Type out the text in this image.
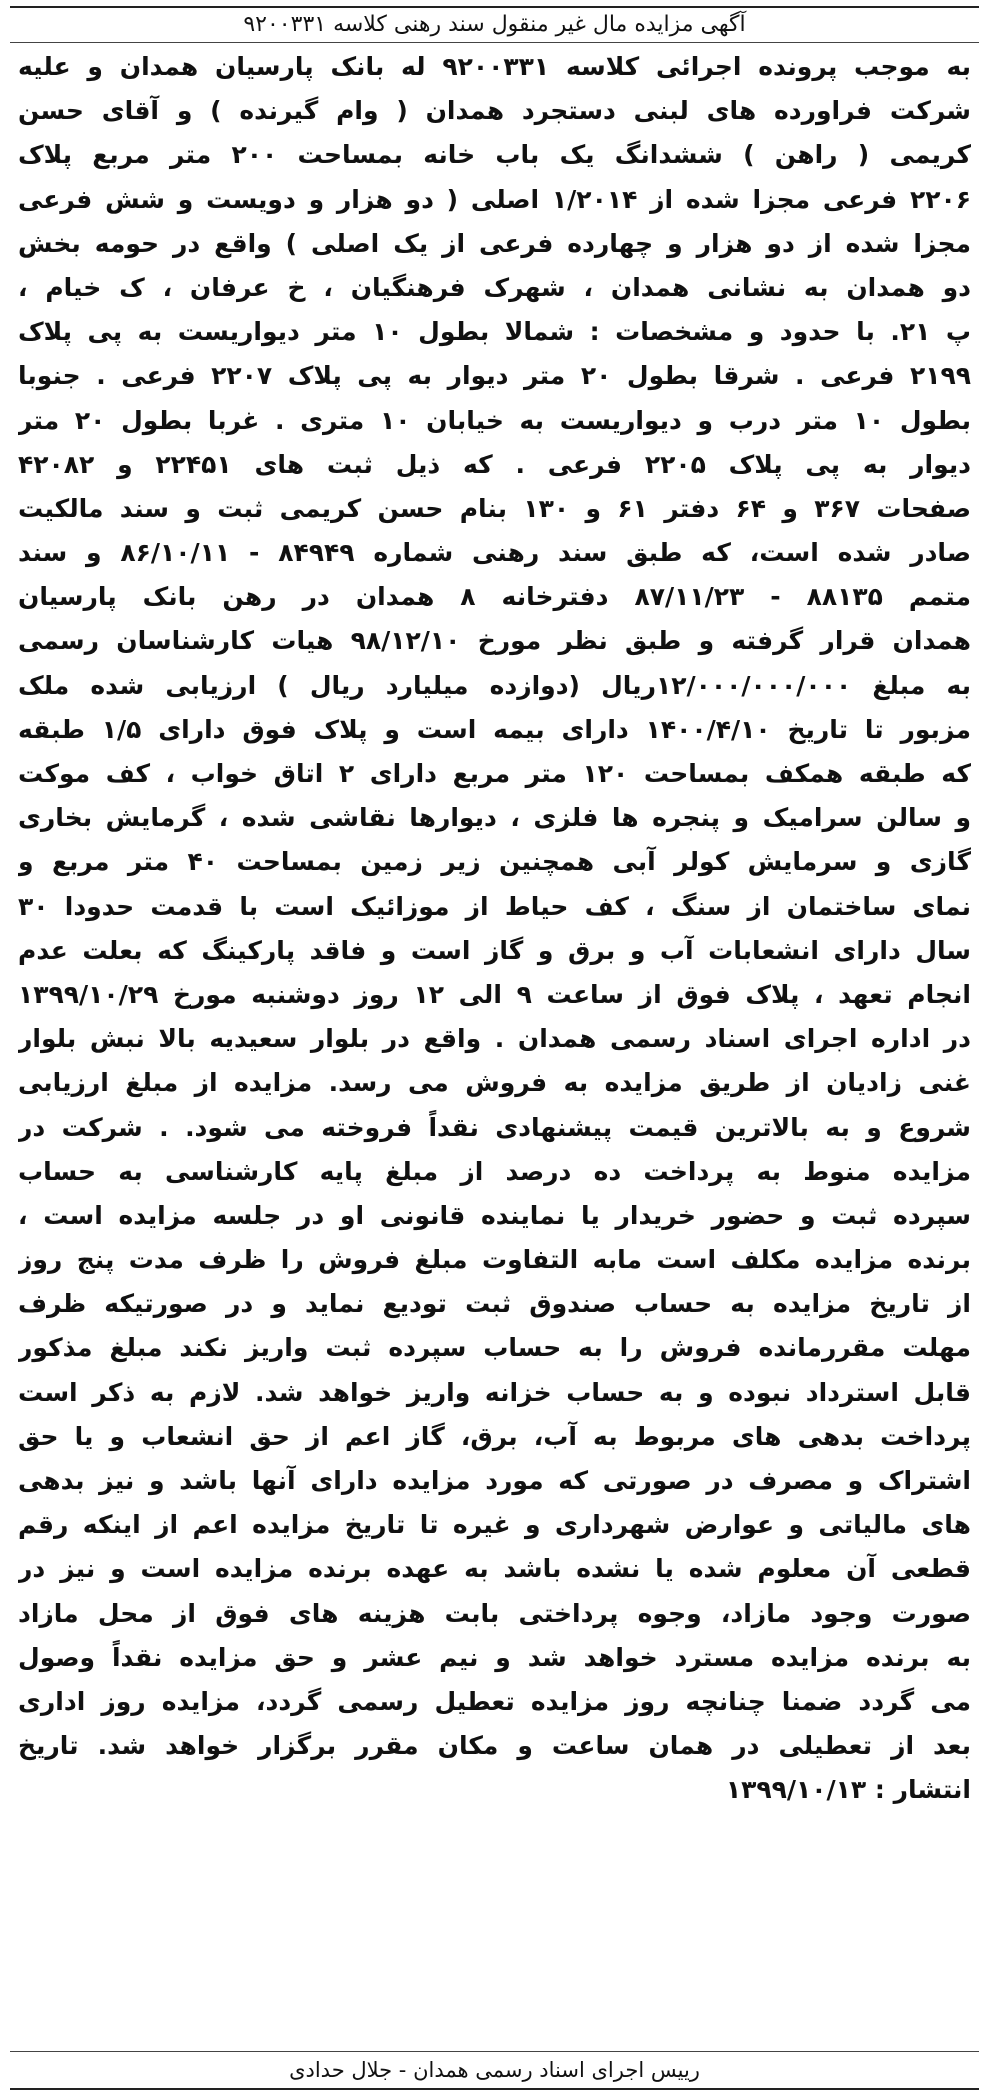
آگهی مزایده مال غیر منقول سند رهنی کلاسه ۹۲۰۰۳۳۱
به موجب پرونده اجرائی کلاسه ۹۲۰۰۳۳۱ له بانک پارسیان همدان و علیه
شرکت فراورده های لبنی دستجرد همدان ( وام گیرنده ) و آقای حسن
کریمی ( راهن ) ششدانگ یک باب خانه بمساحت ۲۰۰ متر مربع پلاک
۲۲۰۶ فرعی مجزا شده از ۱/۲۰۱۴ اصلی ( دو هزار و دویست و شش فرعی
مجزا شده از دو هزار و چهارده فرعی از یک اصلی ) واقع در حومه بخش
دو همدان به نشانی همدان ، شهرک فرهنگیان ، خ عرفان ، ک خیام ،
پ ۲۱. با حدود و مشخصات : شمالا بطول ۱۰ متر دیواریست به پی پلاک
۲۱۹۹ فرعی . شرقا بطول ۲۰ متر دیوار به پی پلاک ۲۲۰۷ فرعی . جنوبا
بطول ۱۰ متر درب و دیواریست به خیابان ۱۰ متری . غربا بطول ۲۰ متر
دیوار به پی پلاک ۲۲۰۵ فرعی . که ذیل ثبت های ۲۲۴۵۱ و ۴۲۰۸۲
صفحات ۳۶۷ و ۶۴ دفتر ۶۱ و ۱۳۰ بنام حسن کریمی ثبت و سند مالکیت
صادر شده است، که طبق سند رهنی شماره ۸۴۹۴۹ - ۸۶/۱۰/۱۱ و سند
متمم ۸۸۱۳۵ - ۸۷/۱۱/۲۳ دفترخانه ۸ همدان در رهن بانک پارسیان
همدان قرار گرفته و طبق نظر مورخ ۹۸/۱۲/۱۰ هیات کارشناسان رسمی
به مبلغ ۱۲/۰۰۰/۰۰۰/۰۰۰ریال (دوازده میلیارد ریال ) ارزیابی شده ملک
مزبور تا تاریخ ۱۴۰۰/۴/۱۰ دارای بیمه است و پلاک فوق دارای ۱/۵ طبقه
که طبقه همکف بمساحت ۱۲۰ متر مربع دارای ۲ اتاق خواب ، کف موکت
و سالن سرامیک و پنجره ها فلزی ، دیوارها نقاشی شده ، گرمایش بخاری
گازی و سرمایش کولر آبی همچنین زیر زمین بمساحت ۴۰ متر مربع و
نمای ساختمان از سنگ ، کف حیاط از موزائیک است با قدمت حدودا ۳۰
سال دارای انشعابات آب و برق و گاز است و فاقد پارکینگ که بعلت عدم
انجام تعهد ، پلاک فوق از ساعت ۹ الی ۱۲ روز دوشنبه مورخ ۱۳۹۹/۱۰/۲۹
در اداره اجرای اسناد رسمی همدان . واقع در بلوار سعیدیه بالا نبش بلوار
غنی زادیان از طریق مزایده به فروش می رسد. مزایده از مبلغ ارزیابی
شروع و به بالاترین قیمت پیشنهادی نقداً فروخته می شود. . شرکت در
مزایده منوط به پرداخت ده درصد از مبلغ پایه کارشناسی به حساب
سپرده ثبت و حضور خریدار یا نماینده قانونی او در جلسه مزایده است ،
برنده مزایده مکلف است مابه التفاوت مبلغ فروش را ظرف مدت پنج روز
از تاریخ مزایده به حساب صندوق ثبت توديع نماید و در صورتیکه ظرف
مهلت مقررمانده فروش را به حساب سپرده ثبت واریز نکند مبلغ مذکور
قابل استرداد نبوده و به حساب خزانه واریز خواهد شد. لازم به ذکر است
پرداخت بدهی های مربوط به آب، برق، گاز اعم از حق انشعاب و یا حق
اشتراک و مصرف در صورتی که مورد مزایده دارای آنها باشد و نیز بدهی
های مالیاتی و عوارض شهرداری و غیره تا تاریخ مزایده اعم از اینکه رقم
قطعی آن معلوم شده یا نشده باشد به عهده برنده مزایده است و نیز در
صورت وجود مازاد، وجوه پرداختی بابت هزینه های فوق از محل مازاد
به برنده مزایده مسترد خواهد شد و نیم عشر و حق مزایده نقداً وصول
می گردد ضمنا چنانچه روز مزایده تعطیل رسمی گردد، مزایده روز اداری
بعد از تعطیلی در همان ساعت و مکان مقرر برگزار خواهد شد. تاریخ
انتشار : ۱۳۹۹/۱۰/۱۳
رییس اجرای اسناد رسمی همدان - جلال حدادی
